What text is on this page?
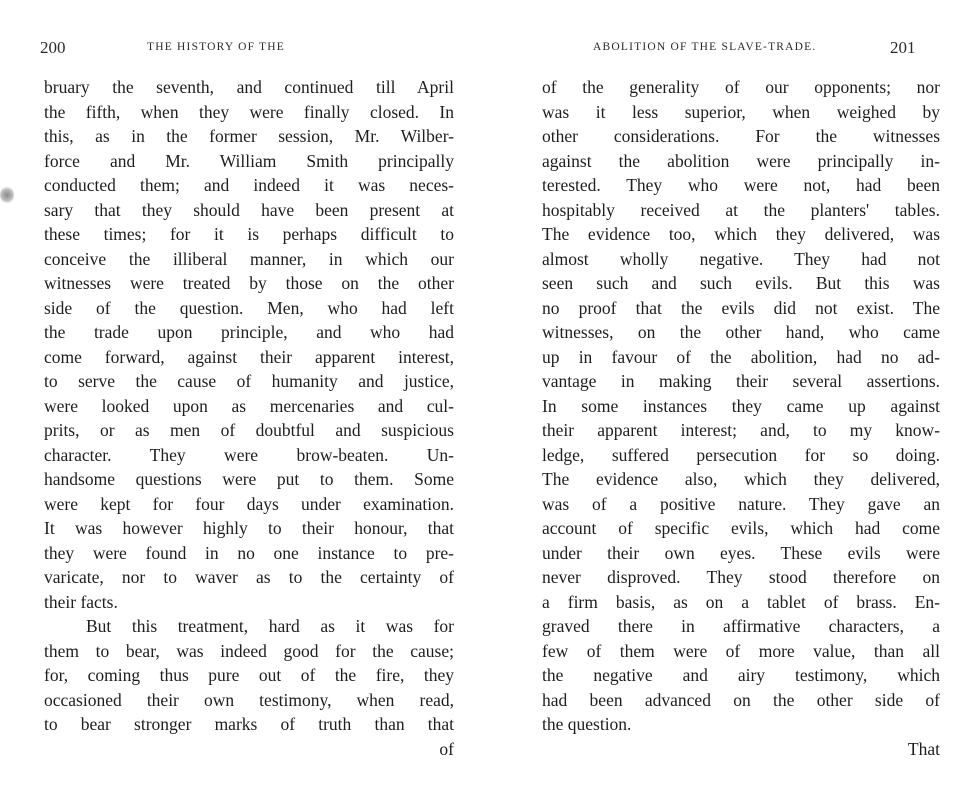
200	THE HISTORY OF THE
bruary the seventh, and continued till April
the fifth, when they were finally closed. In
this, as in the former session, Mr. Wilber-
force and Mr. William Smith principally
conducted them; and indeed it was neces-
sary that they should have been present at
these times; for it is perhaps difficult to
conceive the illiberal manner, in which our
witnesses were treated by those on the other
side of the question. Men, who had left
the trade upon principle, and who had
come forward, against their apparent interest,
to serve the cause of humanity and justice,
were looked upon as mercenaries and cul-
prits, or as men of doubtful and suspicious
character. They were brow-beaten. Un-
handsome questions were put to them. Some
were kept for four days under examination.
It was however highly to their honour, that
they were found in no one instance to pre-
varicate, nor to waver as to the certainty of
their facts.
But this treatment, hard as it was for
them to bear, was indeed good for the cause;
for, coming thus pure out of the fire, they
occasioned their own testimony, when read,
to bear stronger marks of truth than that
of
ABOLITION OF THE SLAVE-TRADE.	201
of the generality of our opponents; nor
was it less superior, when weighed by
other considerations. For the witnesses
against the abolition were principally in-
terested. They who were not, had been
hospitably received at the planters' tables.
The evidence too, which they delivered, was
almost wholly negative. They had not
seen such and such evils. But this was
no proof that the evils did not exist. The
witnesses, on the other hand, who came
up in favour of the abolition, had no ad-
vantage in making their several assertions.
In some instances they came up against
their apparent interest; and, to my know-
ledge, suffered persecution for so doing.
The evidence also, which they delivered,
was of a positive nature. They gave an
account of specific evils, which had come
under their own eyes. These evils were
never disproved. They stood therefore on
a firm basis, as on a tablet of brass. En-
graved there in affirmative characters, a
few of them were of more value, than all
the negative and airy testimony, which
had been advanced on the other side of
the question.
That
